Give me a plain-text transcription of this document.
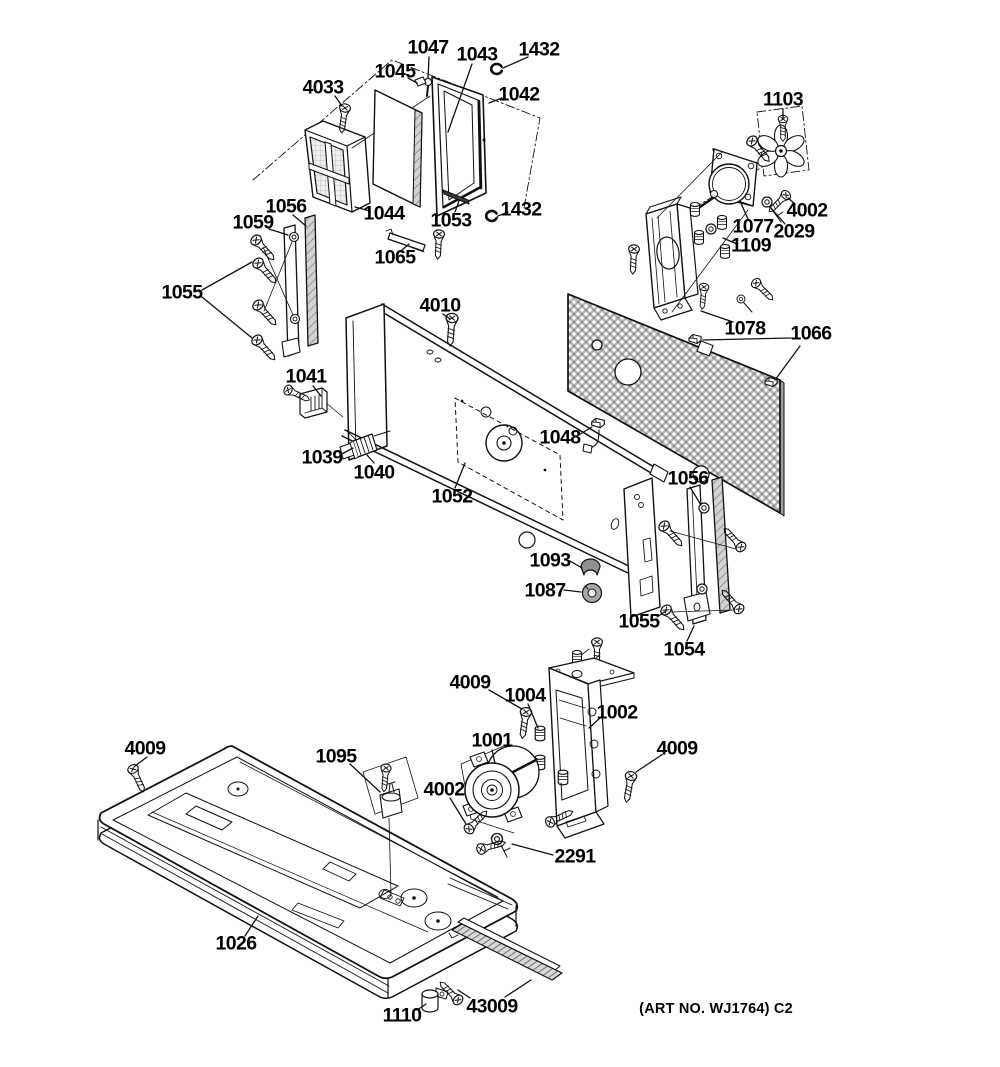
1047 1043 1432
4033
1045
1042	1103
1056
1059	1044 1053 1432
1065
4002
1077 2029
1109
1055
4010
1078 1066
1041
1039
1040
1048
1052
1056
1093
1087
1055
1054
4009
1004
1002
4009
4009	1095
1001
4002
2291
1026
1110 43009	(ART NO. WJ1764) C2
